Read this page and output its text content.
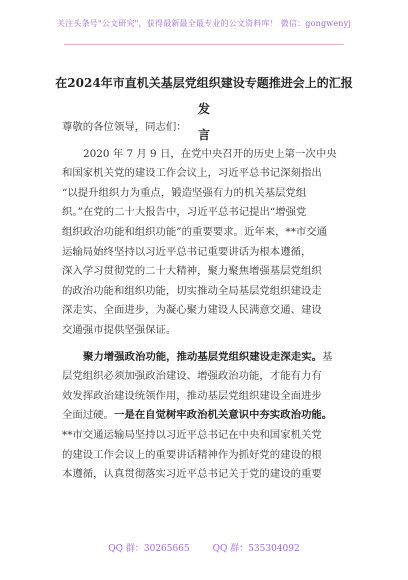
关注头条号"公文研究"，获得最新最全最专业的公文资料库！ 微信：gongwenyj
在2024年市直机关基层党组织建设专题推进会上的汇报发
言
尊敬的各位领导，同志们：
2020 年 7 月 9 日，在党中央召开的历史上第一次中央
和国家机关党的建设工作会议上，习近平总书记深刻指出
“以提升组织力为重点，锻造坚强有力的机关基层党组
织。”在党的二十大报告中，习近平总书记提出“增强党
组织政治功能和组织功能”的重要要求。近年来，**市交通
运输局始终坚持以习近平总书记重要讲话为根本遵循，
深入学习贯彻党的二十大精神，聚力聚焦增强基层党组织
的政治功能和组织功能，切实推动全局基层党组织建设走
深走实、全面进步，为凝心聚力建设人民满意交通、建设
交通强市提供坚强保证。
聚力增强政治功能，推动基层党组织建设走深走实。基
层党组织必须加强政治建设、增强政治功能，才能有力有
效发挥政治建设统领作用，推动基层党组织建设全面进步
全面过硬。一是在自觉树牢政治机关意识中夯实政治功能。
**市交通运输局坚持以习近平总书记在中央和国家机关党
的建设工作会议上的重要讲话精神作为抓好党的建设的根
本遵循，认真贯彻落实习近平总书记关于党的建设的重要
QQ 群：30265665	QQ 群：535304092
